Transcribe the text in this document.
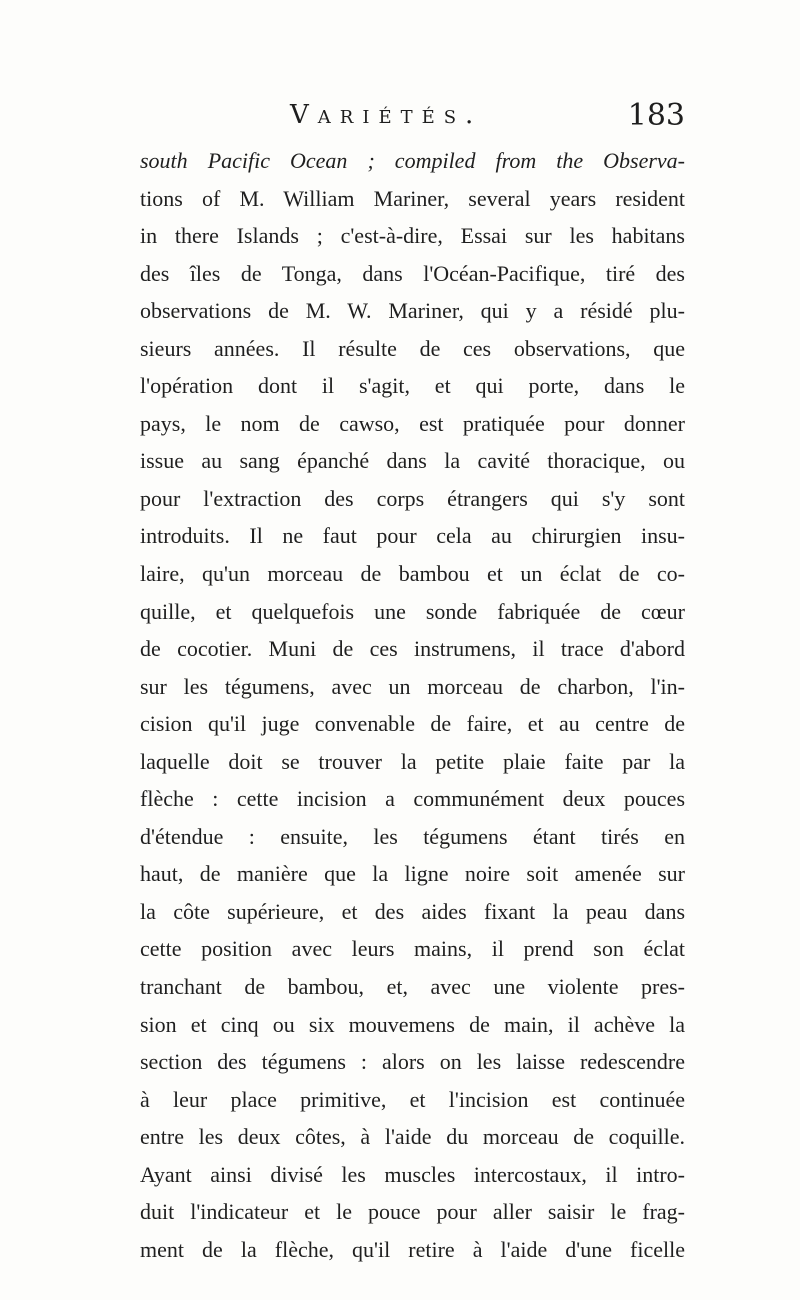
Variétés.	183
south Pacific Ocean ; compiled from the Observa-
tions of M. William Mariner, several years resident
in there Islands ; c'est-à-dire, Essai sur les habitans
des îles de Tonga, dans l'Océan-Pacifique, tiré des
observations de M. W. Mariner, qui y a résidé plu-
sieurs années. Il résulte de ces observations, que
l'opération dont il s'agit, et qui porte, dans le
pays, le nom de cawso, est pratiquée pour donner
issue au sang épanché dans la cavité thoracique, ou
pour l'extraction des corps étrangers qui s'y sont
introduits. Il ne faut pour cela au chirurgien insu-
laire, qu'un morceau de bambou et un éclat de co-
quille, et quelquefois une sonde fabriquée de cœur
de cocotier. Muni de ces instrumens, il trace d'abord
sur les tégumens, avec un morceau de charbon, l'in-
cision qu'il juge convenable de faire, et au centre de
laquelle doit se trouver la petite plaie faite par la
flèche : cette incision a communément deux pouces
d'étendue : ensuite, les tégumens étant tirés en
haut, de manière que la ligne noire soit amenée sur
la côte supérieure, et des aides fixant la peau dans
cette position avec leurs mains, il prend son éclat
tranchant de bambou, et, avec une violente pres-
sion et cinq ou six mouvemens de main, il achève la
section des tégumens : alors on les laisse redescendre
à leur place primitive, et l'incision est continuée
entre les deux côtes, à l'aide du morceau de coquille.
Ayant ainsi divisé les muscles intercostaux, il intro-
duit l'indicateur et le pouce pour aller saisir le frag-
ment de la flèche, qu'il retire à l'aide d'une ficelle
